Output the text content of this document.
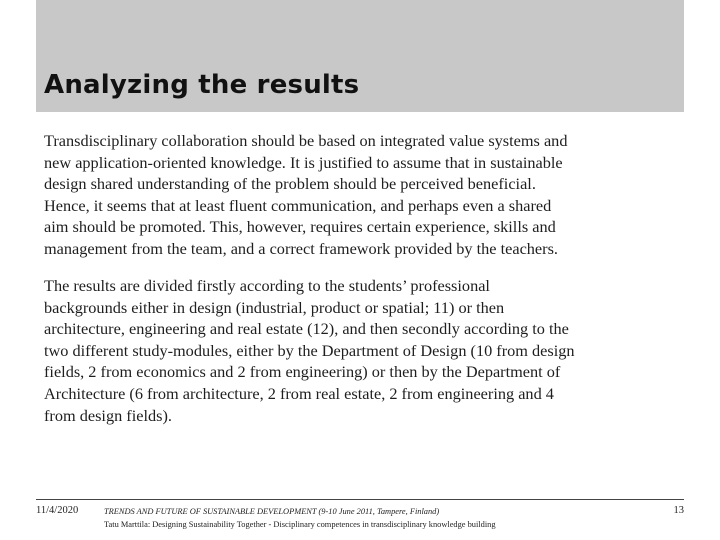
Analyzing the results
Transdisciplinary collaboration should be based on integrated value systems and
new application-oriented knowledge. It is justified to assume that in sustainable
design shared understanding of the problem should be perceived beneficial.
Hence, it seems that at least fluent communication, and perhaps even a shared
aim should be promoted. This, however, requires certain experience, skills and
management from the team, and a correct framework provided by the teachers.
The results are divided firstly according to the students’ professional
backgrounds either in design (industrial, product or spatial; 11) or then
architecture, engineering and real estate (12), and then secondly according to the
two different study-modules, either by the Department of Design (10 from design
fields, 2 from economics and 2 from engineering) or then by the Department of
Architecture (6 from architecture, 2 from real estate, 2 from engineering and 4
from design fields).
11/4/2020	TRENDS AND FUTURE OF SUSTAINABLE DEVELOPMENT (9-10 June 2011, Tampere, Finland)
Tatu Marttila: Designing Sustainability Together - Disciplinary competences in transdisciplinary knowledge building
13
